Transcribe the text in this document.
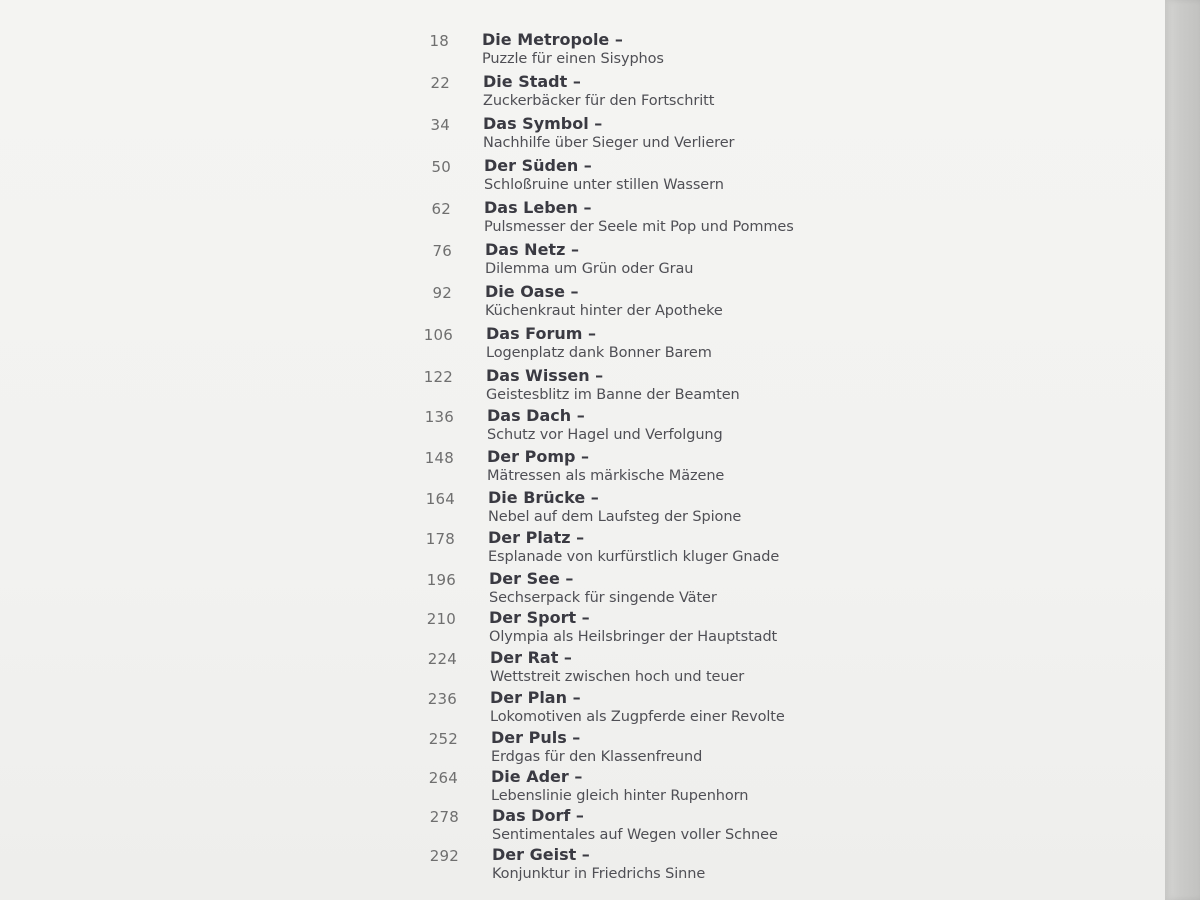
18 Die Metropole –
Puzzle für einen Sisyphos
22 Die Stadt –
Zuckerbäcker für den Fortschritt
34 Das Symbol –
Nachhilfe über Sieger und Verlierer
50 Der Süden –
Schloßruine unter stillen Wassern
62 Das Leben –
Pulsmesser der Seele mit Pop und Pommes
76 Das Netz –
Dilemma um Grün oder Grau
92 Die Oase –
Küchenkraut hinter der Apotheke
106 Das Forum –
Logenplatz dank Bonner Barem
122 Das Wissen –
Geistesblitz im Banne der Beamten
136 Das Dach –
Schutz vor Hagel und Verfolgung
148 Der Pomp –
Mätressen als märkische Mäzene
164 Die Brücke –
Nebel auf dem Laufsteg der Spione
178 Der Platz –
Esplanade von kurfürstlich kluger Gnade
196 Der See –
Sechserpack für singende Väter
210 Der Sport –
Olympia als Heilsbringer der Hauptstadt
224 Der Rat –
Wettstreit zwischen hoch und teuer
236 Der Plan –
Lokomotiven als Zugpferde einer Revolte
252 Der Puls –
Erdgas für den Klassenfreund
264 Die Ader –
Lebenslinie gleich hinter Rupenhorn
278 Das Dorf –
Sentimentales auf Wegen voller Schnee
292 Der Geist –
Konjunktur in Friedrichs Sinne
